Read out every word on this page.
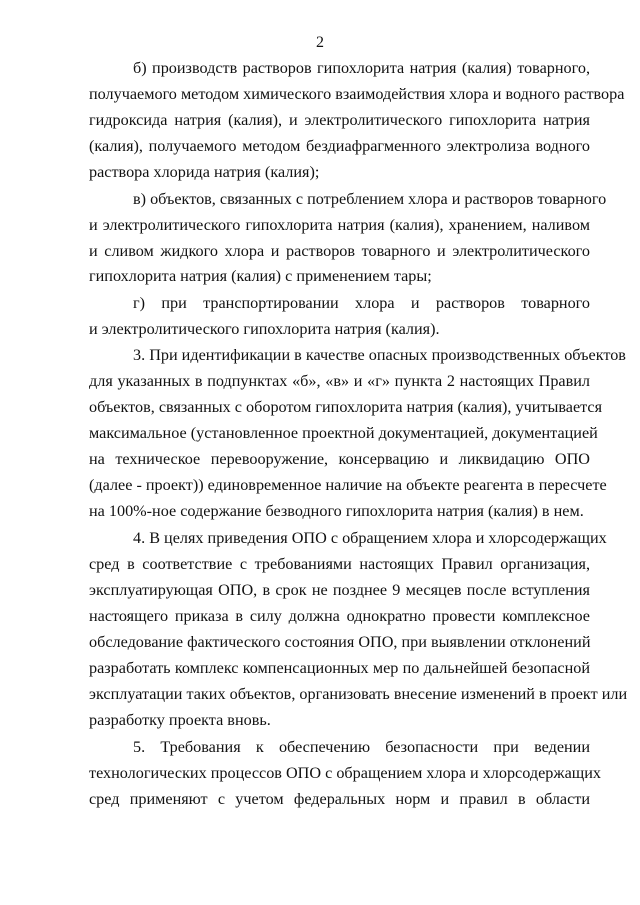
2
б) производств растворов гипохлорита натрия (калия) товарного,
получаемого методом химического взаимодействия хлора и водного раствора
гидроксида натрия (калия), и электролитического гипохлорита натрия
(калия), получаемого методом бездиафрагменного электролиза водного
раствора хлорида натрия (калия);
в) объектов, связанных с потреблением хлора и растворов товарного
и электролитического гипохлорита натрия (калия), хранением, наливом
и сливом жидкого хлора и растворов товарного и электролитического
гипохлорита натрия (калия) с применением тары;
г) при транспортировании хлора и растворов товарного
и электролитического гипохлорита натрия (калия).
3. При идентификации в качестве опасных производственных объектов
для указанных в подпунктах «б», «в» и «г» пункта 2 настоящих Правил
объектов, связанных с оборотом гипохлорита натрия (калия), учитывается
максимальное (установленное проектной документацией, документацией
на техническое перевооружение, консервацию и ликвидацию ОПО
(далее - проект)) единовременное наличие на объекте реагента в пересчете
на 100%-ное содержание безводного гипохлорита натрия (калия) в нем.
4. В целях приведения ОПО с обращением хлора и хлорсодержащих
сред в соответствие с требованиями настоящих Правил организация,
эксплуатирующая ОПО, в срок не позднее 9 месяцев после вступления
настоящего приказа в силу должна однократно провести комплексное
обследование фактического состояния ОПО, при выявлении отклонений
разработать комплекс компенсационных мер по дальнейшей безопасной
эксплуатации таких объектов, организовать внесение изменений в проект или
разработку проекта вновь.
5. Требования к обеспечению безопасности при ведении
технологических процессов ОПО с обращением хлора и хлорсодержащих
сред применяют с учетом федеральных норм и правил в области
